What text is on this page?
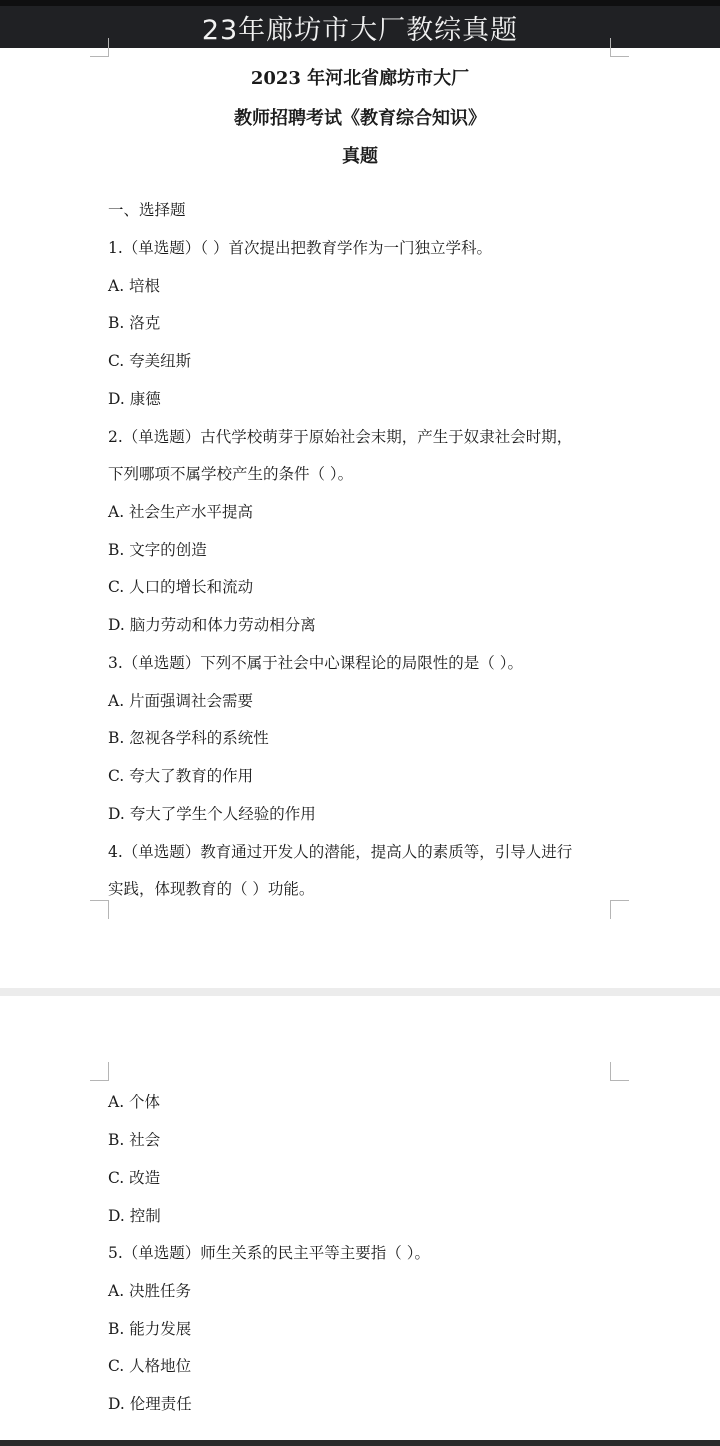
23年廊坊市大厂教综真题
2023 年河北省廊坊市大厂
教师招聘考试《教育综合知识》
真题
一、选择题
1.（单选题）（ ）首次提出把教育学作为一门独立学科。
A. 培根
B. 洛克
C. 夸美纽斯
D. 康德
2.（单选题）古代学校萌芽于原始社会末期，产生于奴隶社会时期，
下列哪项不属学校产生的条件（ ）。
A. 社会生产水平提高
B. 文字的创造
C. 人口的增长和流动
D. 脑力劳动和体力劳动相分离
3.（单选题）下列不属于社会中心课程论的局限性的是（ ）。
A. 片面强调社会需要
B. 忽视各学科的系统性
C. 夸大了教育的作用
D. 夸大了学生个人经验的作用
4.（单选题）教育通过开发人的潜能，提高人的素质等，引导人进行
实践，体现教育的（ ）功能。
A. 个体
B. 社会
C. 改造
D. 控制
5.（单选题）师生关系的民主平等主要指（ ）。
A. 决胜任务
B. 能力发展
C. 人格地位
D. 伦理责任
